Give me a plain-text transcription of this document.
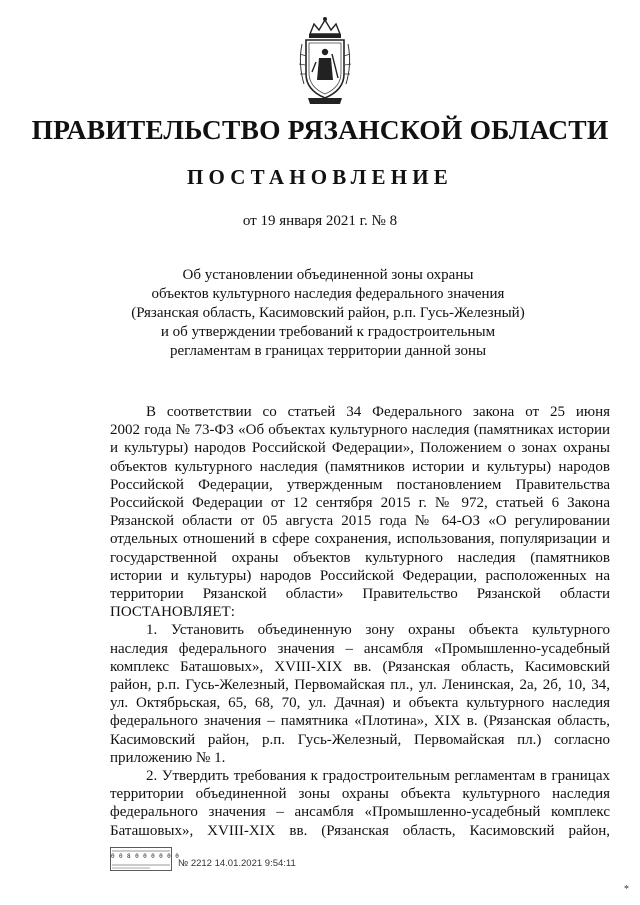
ПРАВИТЕЛЬСТВО РЯЗАНСКОЙ ОБЛАСТИ
ПОСТАНОВЛЕНИЕ
от 19 января 2021 г. № 8
Об установлении объединенной зоны охраны
объектов культурного наследия федерального значения
(Рязанская область, Касимовский район, р.п. Гусь-Железный)
и об утверждении требований к градостроительным
регламентам в границах территории данной зоны
В соответствии со статьей 34 Федерального закона от 25 июня
2002 года № 73-ФЗ «Об объектах культурного наследия (памятниках истории
и культуры) народов Российской Федерации», Положением о зонах охраны
объектов культурного наследия (памятников истории и культуры) народов
Российской Федерации, утвержденным постановлением Правительства
Российской Федерации от 12 сентября 2015 г. № 972, статьей 6 Закона
Рязанской области от 05 августа 2015 года № 64-ОЗ «О регулировании
отдельных отношений в сфере сохранения, использования, популяризации и
государственной охраны объектов культурного наследия (памятников
истории и культуры) народов Российской Федерации, расположенных на
территории Рязанской области» Правительство Рязанской области
ПОСТАНОВЛЯЕТ:
1. Установить объединенную зону охраны объекта культурного
наследия федерального значения – ансамбля «Промышленно-усадебный
комплекс Баташовых», XVIII-XIX вв. (Рязанская область, Касимовский
район, р.п. Гусь-Железный, Первомайская пл., ул. Ленинская, 2а, 2б, 10, 34,
ул. Октябрьская, 65, 68, 70, ул. Дачная) и объекта культурного наследия
федерального значения – памятника «Плотина», XIX в. (Рязанская область,
Касимовский район, р.п. Гусь-Железный, Первомайская пл.) согласно
приложению № 1.
2. Утвердить требования к градостроительным регламентам в границах
территории объединенной зоны охраны объекта культурного наследия
федерального значения – ансамбля «Промышленно-усадебный комплекс
Баташовых», XVIII-XIX вв. (Рязанская область, Касимовский район,
0 0 8 0 0 0 0 0 0
№ 2212 14.01.2021 9:54:11
*
